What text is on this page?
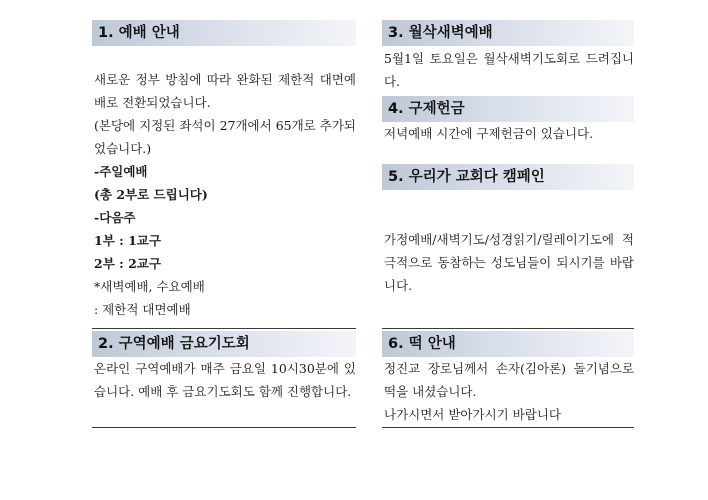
1. 예배 안내
새로운 정부 방침에 따라 완화된 제한적 대면예배로 전환되었습니다.
(본당에 지정된 좌석이 27개에서 65개로 추가되었습니다.)
-주일예배
(총 2부로 드립니다)
-다음주
1부 : 1교구
2부 : 2교구
*새벽예배, 수요예배
: 제한적 대면예배
2. 구역예배 금요기도회
온라인 구역예배가 매주 금요일 10시30분에 있습니다. 예배 후 금요기도회도 함께 진행합니다.
3. 월삭새벽예배
5월1일 토요일은 월삭새벽기도회로 드려집니다.
4. 구제헌금
저녁예배 시간에 구제헌금이 있습니다.
5. 우리가 교회다 캠페인
가정예배/새벽기도/성경읽기/릴레이기도에 적극적으로 동참하는 성도님들이 되시기를 바랍니다.
6. 떡 안내
정진교 장로님께서 손자(김아론) 돌기념으로 떡을 내셨습니다.
나가시면서 받아가시기 바랍니다
